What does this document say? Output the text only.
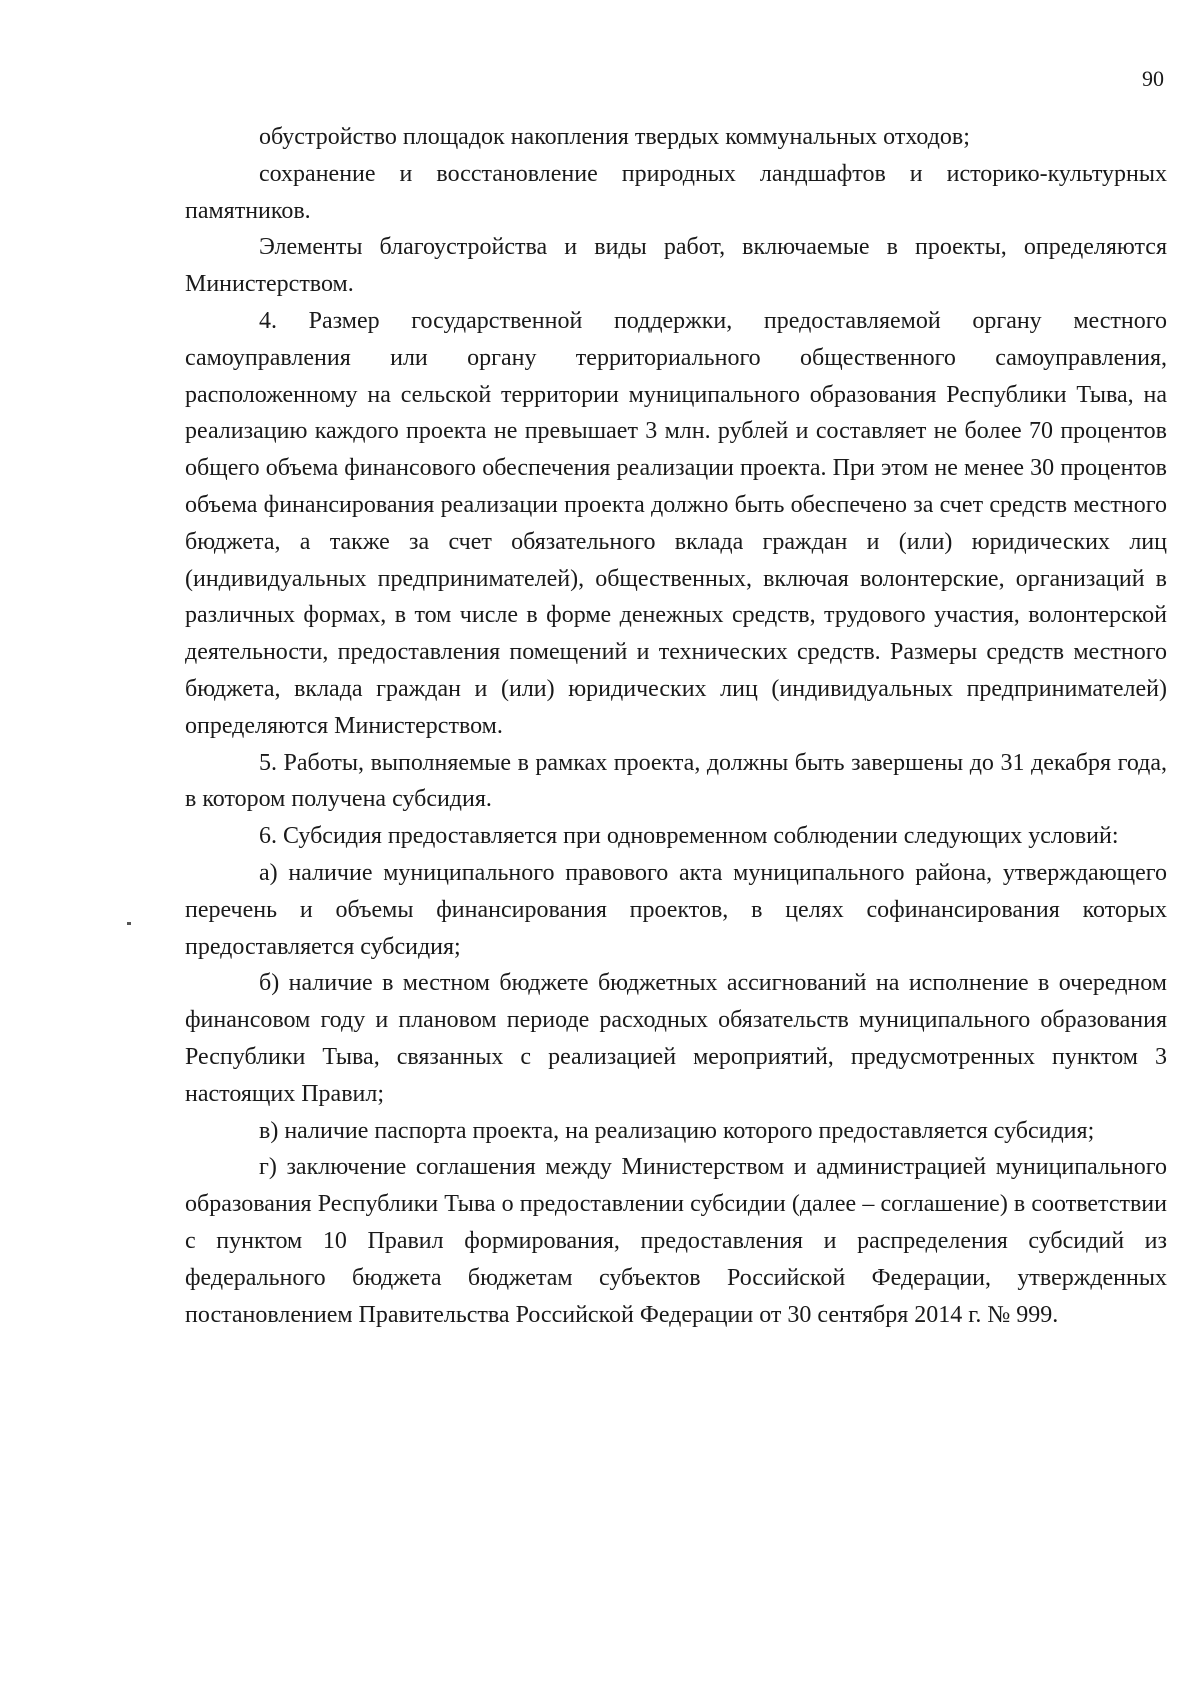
90

обустройство площадок накопления твердых коммунальных отходов;

сохранение и восстановление природных ландшафтов и историко-культурных памятников.

Элементы благоустройства и виды работ, включаемые в проекты, определяются Министерством.

4. Размер государственной поддержки, предоставляемой органу местного самоуправления или органу территориального общественного самоуправления, расположенному на сельской территории муниципального образования Республики Тыва, на реализацию каждого проекта не превышает 3 млн. рублей и составляет не более 70 процентов общего объема финансового обеспечения реализации проекта. При этом не менее 30 процентов объема финансирования реализации проекта должно быть обеспечено за счет средств местного бюджета, а также за счет обязательного вклада граждан и (или) юридических лиц (индивидуальных предпринимателей), общественных, включая волонтерские, организаций в различных формах, в том числе в форме денежных средств, трудового участия, волонтерской деятельности, предоставления помещений и технических средств. Размеры средств местного бюджета, вклада граждан и (или) юридических лиц (индивидуальных предпринимателей) определяются Министерством.

5. Работы, выполняемые в рамках проекта, должны быть завершены до 31 декабря года, в котором получена субсидия.

6. Субсидия предоставляется при одновременном соблюдении следующих условий:

а) наличие муниципального правового акта муниципального района, утверждающего перечень и объемы финансирования проектов, в целях софинансирования которых предоставляется субсидия;

б) наличие в местном бюджете бюджетных ассигнований на исполнение в очередном финансовом году и плановом периоде расходных обязательств муниципального образования Республики Тыва, связанных с реализацией мероприятий, предусмотренных пунктом 3 настоящих Правил;

в) наличие паспорта проекта, на реализацию которого предоставляется субсидия;

г) заключение соглашения между Министерством и администрацией муниципального образования Республики Тыва о предоставлении субсидии (далее – соглашение) в соответствии с пунктом 10 Правил формирования, предоставления и распределения субсидий из федерального бюджета бюджетам субъектов Российской Федерации, утвержденных постановлением Правительства Российской Федерации от 30 сентября 2014 г. № 999.
